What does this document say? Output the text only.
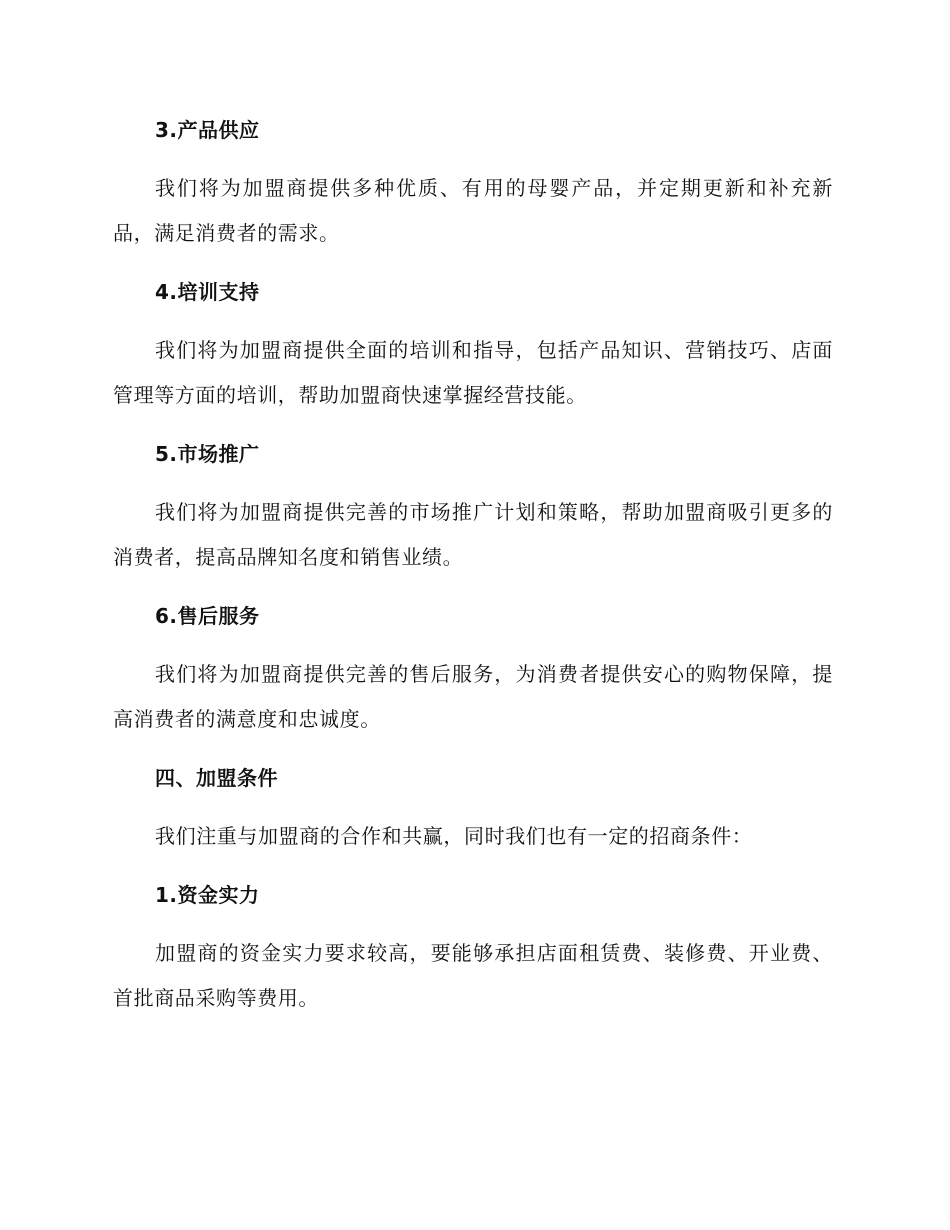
3.产品供应

我们将为加盟商提供多种优质、有用的母婴产品，并定期更新和补充新品，满足消费者的需求。

4.培训支持

我们将为加盟商提供全面的培训和指导，包括产品知识、营销技巧、店面管理等方面的培训，帮助加盟商快速掌握经营技能。

5.市场推广

我们将为加盟商提供完善的市场推广计划和策略，帮助加盟商吸引更多的消费者，提高品牌知名度和销售业绩。

6.售后服务

我们将为加盟商提供完善的售后服务，为消费者提供安心的购物保障，提高消费者的满意度和忠诚度。

四、加盟条件

我们注重与加盟商的合作和共赢，同时我们也有一定的招商条件：

1.资金实力

加盟商的资金实力要求较高，要能够承担店面租赁费、装修费、开业费、首批商品采购等费用。
